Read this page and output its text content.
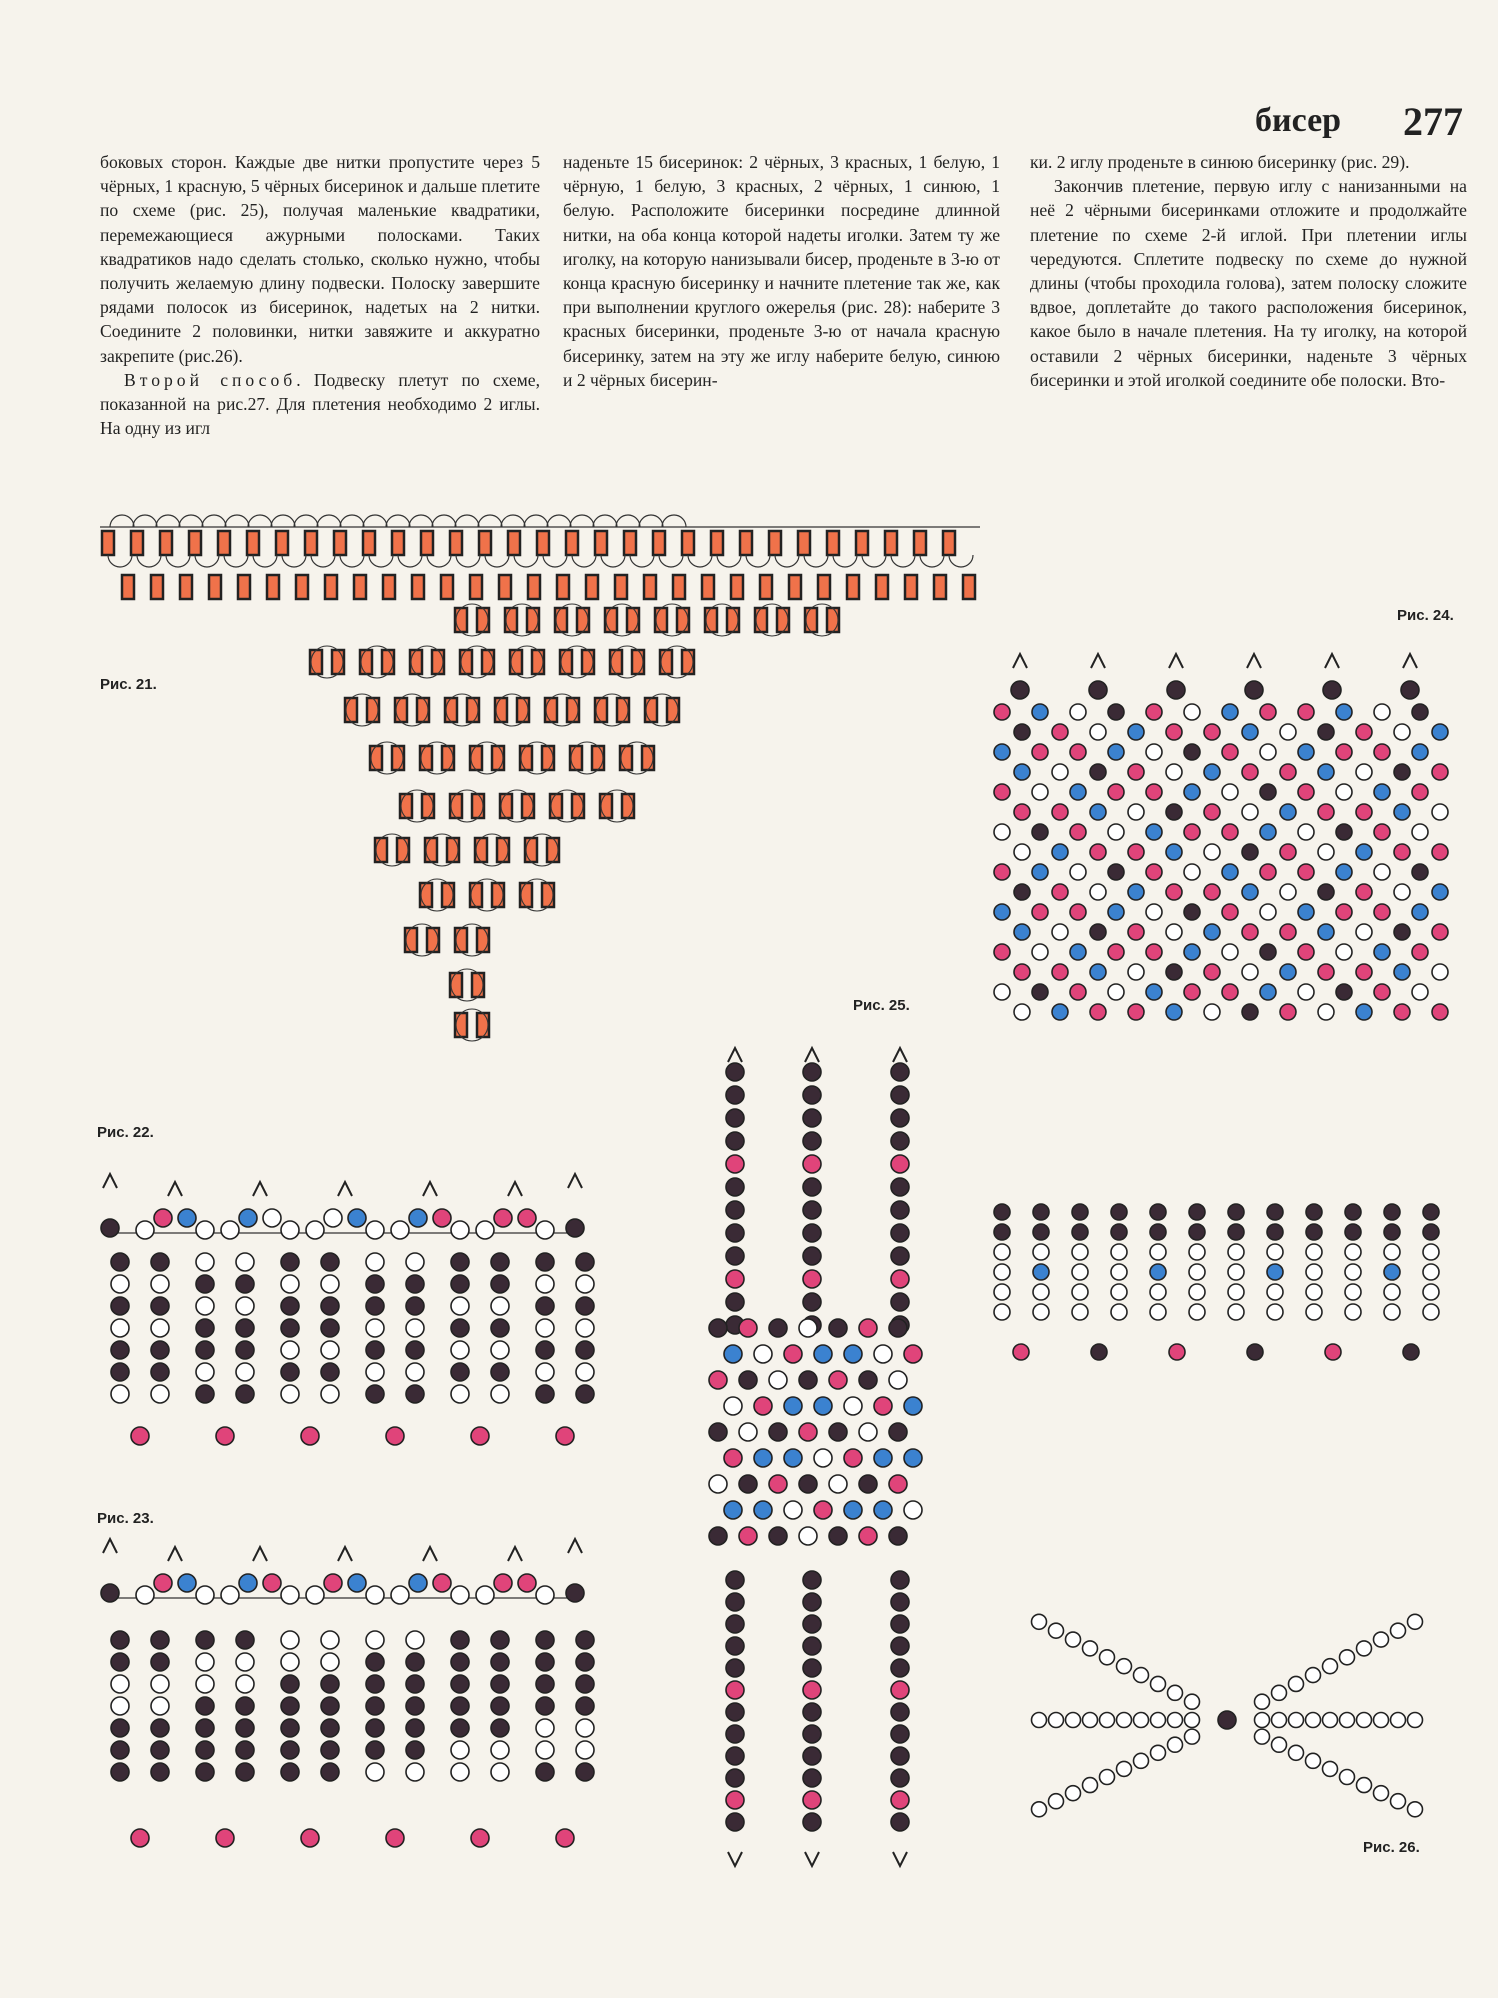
бисер 277

боковых сторон. Каждые две нитки пропустите через 5 чёрных, 1 красную, 5 чёрных бисеринок и дальше плетите по схеме (рис. 25), получая маленькие квадратики, перемежающиеся ажурными полосками. Таких квадратиков надо сделать столько, сколько нужно, чтобы получить желаемую длину подвески. Полоску завершите рядами полосок из бисеринок, надетых на 2 нитки. Соедините 2 половинки, нитки завяжите и аккуратно закрепите (рис.26).

Второй способ. Подвеску плетут по схеме, показанной на рис.27. Для плетения необходимо 2 иглы. На одну из игл

наденьте 15 бисеринок: 2 чёрных, 3 красных, 1 белую, 1 чёрную, 1 белую, 3 красных, 2 чёрных, 1 синюю, 1 белую. Расположите бисеринки посредине длинной нитки, на оба конца которой надеты иголки. Затем ту же иголку, на которую нанизывали бисер, проденьте в 3-ю от конца красную бисеринку и начните плетение так же, как при выполнении круглого ожерелья (рис. 28): наберите 3 красных бисеринки, проденьте 3-ю от начала красную бисеринку, затем на эту же иглу наберите белую, синюю и 2 чёрных бисерин-

ки. 2 иглу проденьте в синюю бисеринку (рис. 29).

Закончив плетение, первую иглу с нанизанными на неё 2 чёрными бисеринками отложите и продолжайте плетение по схеме 2-й иглой. При плетении иглы чередуются. Сплетите подвеску по схеме до нужной длины (чтобы проходила голова), затем полоску сложите вдвое, доплетайте до такого расположения бисеринок, какое было в начале плетения. На ту иголку, на которой оставили 2 чёрных бисеринки, наденьте 3 чёрных бисеринки и этой иголкой соедините обе полоски. Вто-

Рис. 21.
Рис. 22.
Рис. 23.
Рис. 24.
Рис. 25.
Рис. 26.
